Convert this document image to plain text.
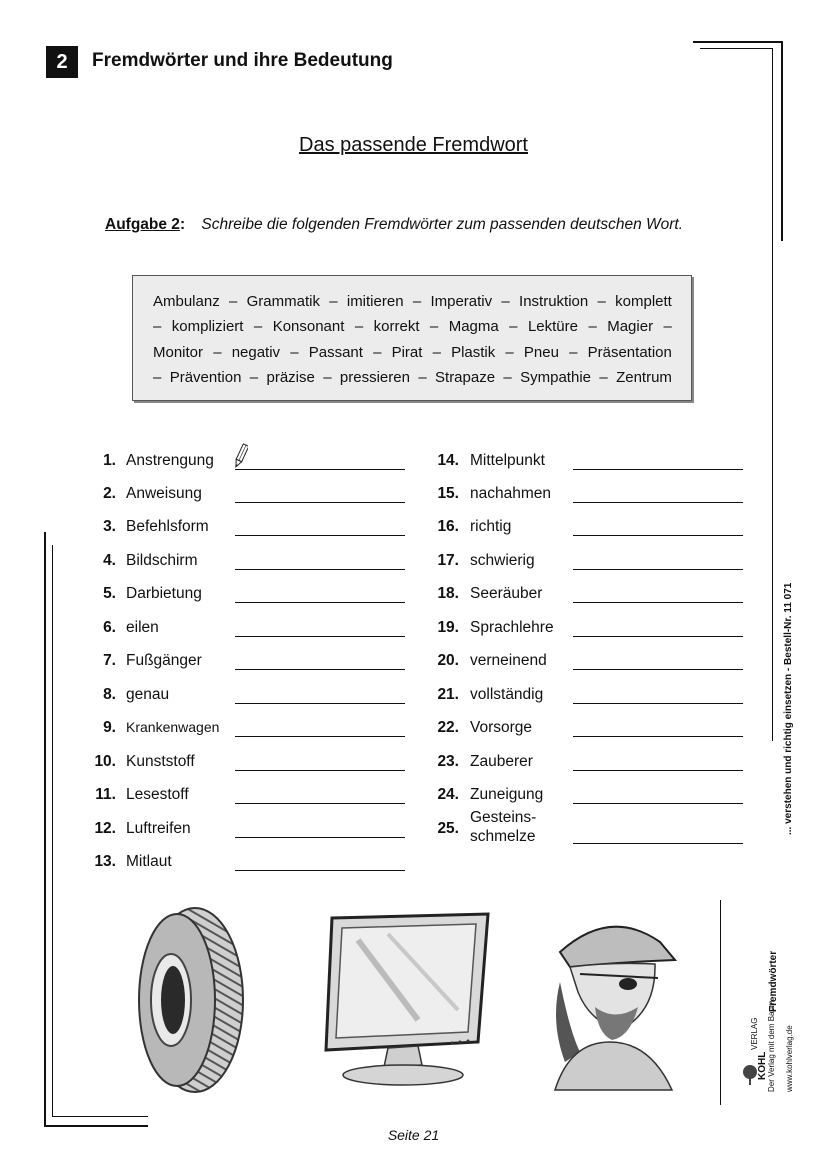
2	Fremdwörter und ihre Bedeutung
Das passende Fremdwort
Aufgabe 2: Schreibe die folgenden Fremdwörter zum passenden deutschen Wort.
Ambulanz – Grammatik – imitieren – Imperativ – Instruktion – komplett
– kompliziert – Konsonant – korrekt – Magma – Lektüre – Magier –
Monitor – negativ – Passant – Pirat – Plastik – Pneu – Präsentation
– Prävention – präzise – pressieren – Strapaze – Sympathie – Zentrum
1. Anstrengung
2. Anweisung
3. Befehlsform
4. Bildschirm
5. Darbietung
6. eilen
7. Fußgänger
8. genau
9. Krankenwagen
10. Kunststoff
11. Lesestoff
12. Luftreifen
13. Mitlaut
14. Mittelpunkt
15. nachahmen
16. richtig
17. schwierig
18. Seeräuber
19. Sprachlehre
20. verneinend
21. vollständig
22. Vorsorge
23. Zauberer
24. Zuneigung
25.
Gesteins-
schmelze
... verstehen und richtig einsetzen - Bestell-Nr. 11 071
Fremdwörter
www.kohlverlag.de
KOHL
VERLAG Der Verlag mit dem Baum
Seite 21
